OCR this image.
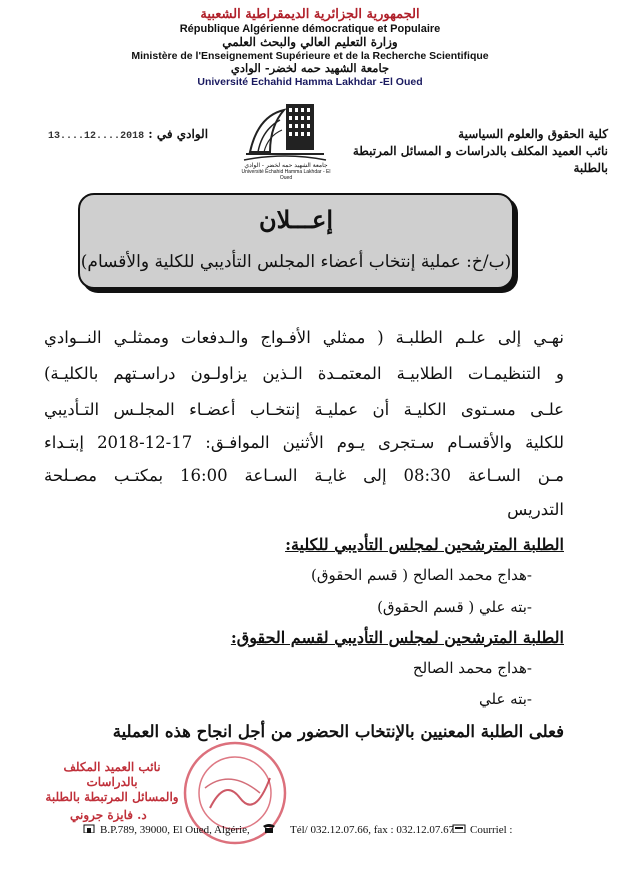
الجمهورية الجزائرية الديمقراطية الشعبية
République Algérienne démocratique et Populaire
وزارة التعليم العالي والبحث العلمي
Ministère de l'Enseignement Supérieure et de la Recherche Scientifique
جامعة الشهيد حمه لخضر- الوادي
Université Echahid Hamma Lakhdar -El Oued
كلية الحقوق والعلوم السياسية
نائب العميد المكلف بالدراسات و المسائل المرتبطة بالطلبة
الوادي في : 2018....12....13
جامعة الشهيد حمه لخضر - الوادي
Université Echahid Hamma Lakhdar - El Oued
إعـــلان
(ب/خ: عملية إنتخاب أعضاء المجلس التأديبي للكلية والأقسام)
نهـي إلى علـم الطلبـة ( ممثلي الأفـواج والـدفعات وممثلـي النــوادي
و التنظيمـات الطلابيـة المعتمـدة الـذين يزاولـون دراسـتهم بالكليـة)
علـى مسـتوى الكليـة أن عمليـة إنتخـاب أعضـاء المجلـس التـأديبي
للكلية والأقسـام سـتجرى يـوم الأثنين الموافـق: 17-12-2018 إبتـداء
مـن السـاعة 08:30 إلى غايـة السـاعة 16:00 بمكتـب مصـلحة
التدريس
الطلبة المترشحين لمجلس التأديبي للكلية:
-هداج محمد الصالح ( قسم الحقوق)
-بته علي ( قسم الحقوق)
الطلبة المترشحين لمجلس التأديبي لقسم الحقوق:
-هداج محمد الصالح
-بته علي
فعلى الطلبة المعنيين بالإنتخاب الحضور من أجل انجاح هذه العملية
نائب العميد المكلف بالدراسات
والمسائل المرتبطة بالطلبة
د. فايزة جروني
B.P.789, 39000, El Oued, Algérie,	Tél/ 032.12.07.66, fax : 032.12.07.67 Courriel :
